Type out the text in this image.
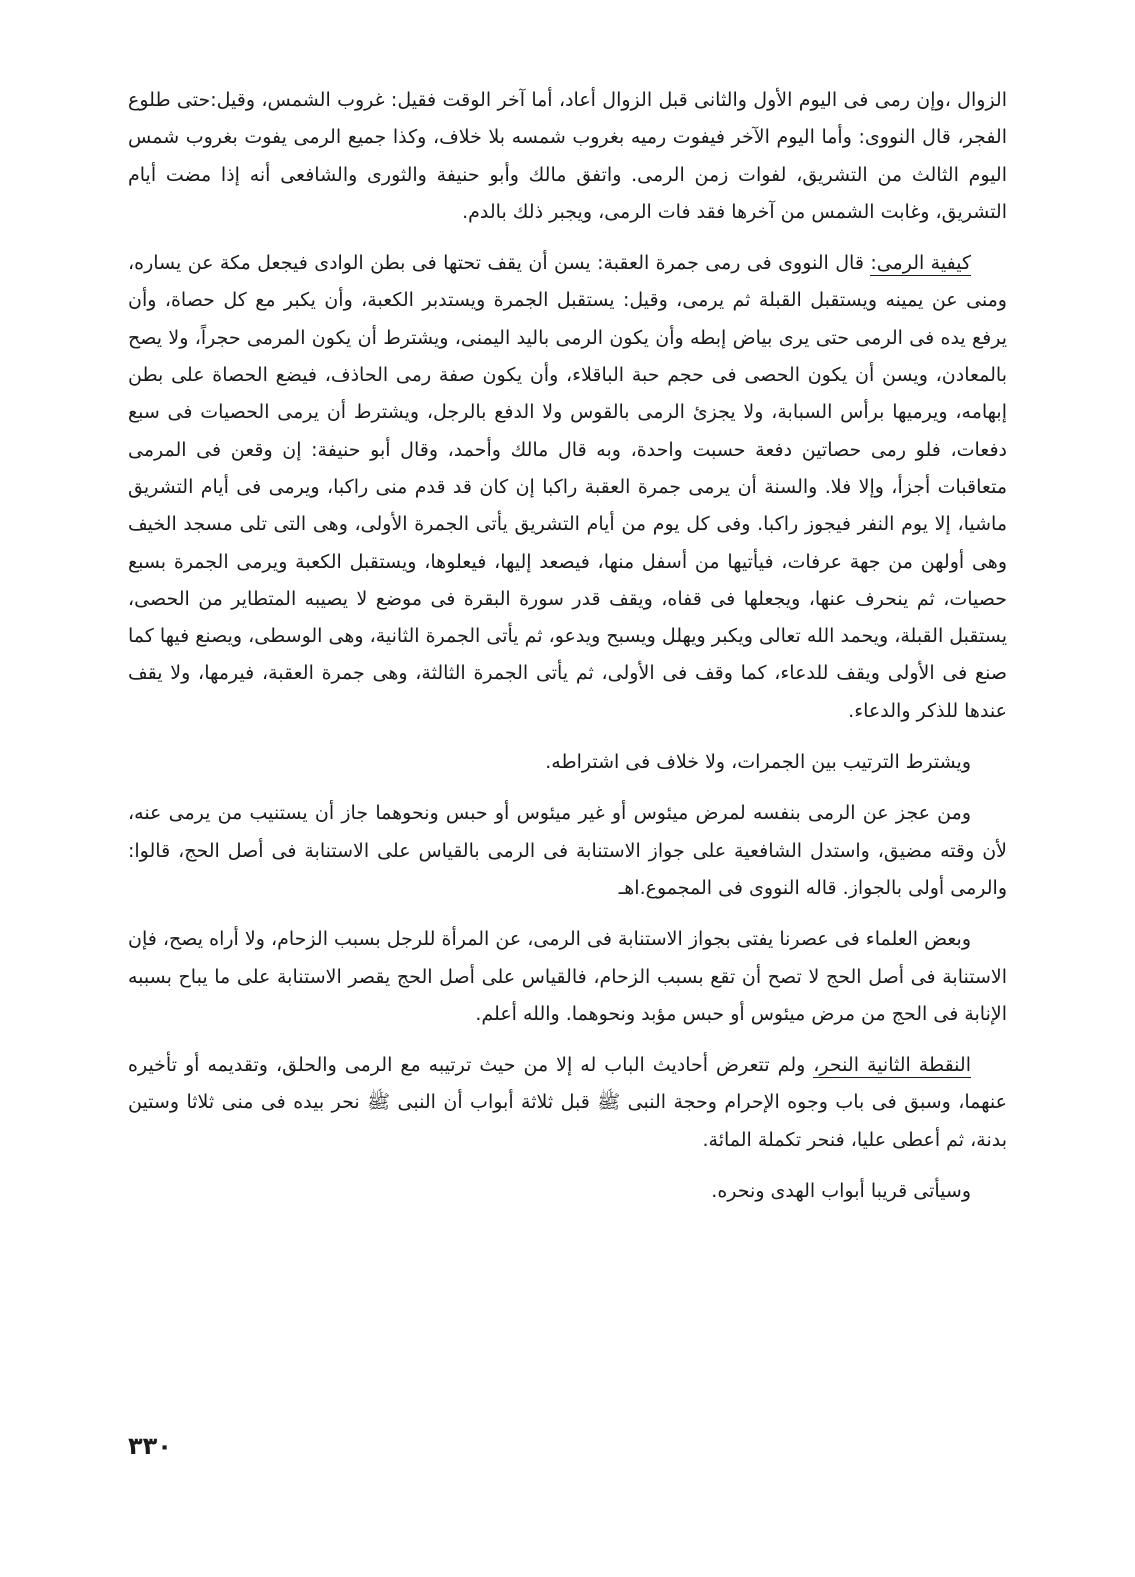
الزوال ،وإن رمى فى اليوم الأول والثانى قبل الزوال أعاد، أما آخر الوقت فقيل: غروب الشمس، وقيل:حتى طلوع الفجر، قال النووى: وأما اليوم الآخر فيفوت رميه بغروب شمسه بلا خلاف، وكذا جميع الرمى يفوت بغروب شمس اليوم الثالث من التشريق، لفوات زمن الرمى. واتفق مالك وأبو حنيفة والثورى والشافعى أنه إذا مضت أيام التشريق، وغابت الشمس من آخرها فقد فات الرمى، ويجبر ذلك بالدم.

كيفية الرمى: قال النووى فى رمى جمرة العقبة: يسن أن يقف تحتها فى بطن الوادى فيجعل مكة عن يساره، ومنى عن يمينه ويستقبل القبلة ثم يرمى، وقيل: يستقبل الجمرة ويستدبر الكعبة، وأن يكبر مع كل حصاة، وأن يرفع يده فى الرمى حتى يرى بياض إبطه وأن يكون الرمى باليد اليمنى، ويشترط أن يكون المرمى حجراً، ولا يصح بالمعادن، ويسن أن يكون الحصى فى حجم حبة الباقلاء، وأن يكون صفة رمى الحاذف، فيضع الحصاة على بطن إبهامه، ويرميها برأس السبابة، ولا يجزئ الرمى بالقوس ولا الدفع بالرجل، ويشترط أن يرمى الحصيات فى سبع دفعات، فلو رمى حصاتين دفعة حسبت واحدة، وبه قال مالك وأحمد، وقال أبو حنيفة: إن وقعن فى المرمى متعاقبات أجزأ، وإلا فلا. والسنة أن يرمى جمرة العقبة راكبا إن كان قد قدم منى راكبا، ويرمى فى أيام التشريق ماشيا، إلا يوم النفر فيجوز راكبا. وفى كل يوم من أيام التشريق يأتى الجمرة الأولى، وهى التى تلى مسجد الخيف وهى أولهن من جهة عرفات، فيأتيها من أسفل منها، فيصعد إليها، فيعلوها، ويستقبل الكعبة ويرمى الجمرة بسبع حصيات، ثم ينحرف عنها، ويجعلها فى قفاه، ويقف قدر سورة البقرة فى موضع لا يصيبه المتطاير من الحصى، يستقبل القبلة، ويحمد الله تعالى ويكبر ويهلل ويسبح ويدعو، ثم يأتى الجمرة الثانية، وهى الوسطى، ويصنع فيها كما صنع فى الأولى ويقف للدعاء، كما وقف فى الأولى، ثم يأتى الجمرة الثالثة، وهى جمرة العقبة، فيرمها، ولا يقف عندها للذكر والدعاء.

ويشترط الترتيب بين الجمرات، ولا خلاف فى اشتراطه.

ومن عجز عن الرمى بنفسه لمرض ميئوس أو غير ميئوس أو حبس ونحوهما جاز أن يستنيب من يرمى عنه، لأن وقته مضيق، واستدل الشافعية على جواز الاستنابة فى الرمى بالقياس على الاستنابة فى أصل الحج، قالوا: والرمى أولى بالجواز. قاله النووى فى المجموع.اهـ

وبعض العلماء فى عصرنا يفتى بجواز الاستنابة فى الرمى، عن المرأة للرجل بسبب الزحام، ولا أراه يصح، فإن الاستنابة فى أصل الحج لا تصح أن تقع بسبب الزحام، فالقياس على أصل الحج يقصر الاستنابة على ما يباح بسببه الإنابة فى الحج من مرض ميئوس أو حبس مؤبد ونحوهما. والله أعلم.

النقطة الثانية النحر، ولم تتعرض أحاديث الباب له إلا من حيث ترتيبه مع الرمى والحلق، وتقديمه أو تأخيره عنهما، وسبق فى باب وجوه الإحرام وحجة النبى ﷺ قبل ثلاثة أبواب أن النبى ﷺ نحر بيده فى منى ثلاثا وستين بدنة، ثم أعطى عليا، فنحر تكملة المائة.

وسيأتى قريبا أبواب الهدى ونحره.

٣٣٠
